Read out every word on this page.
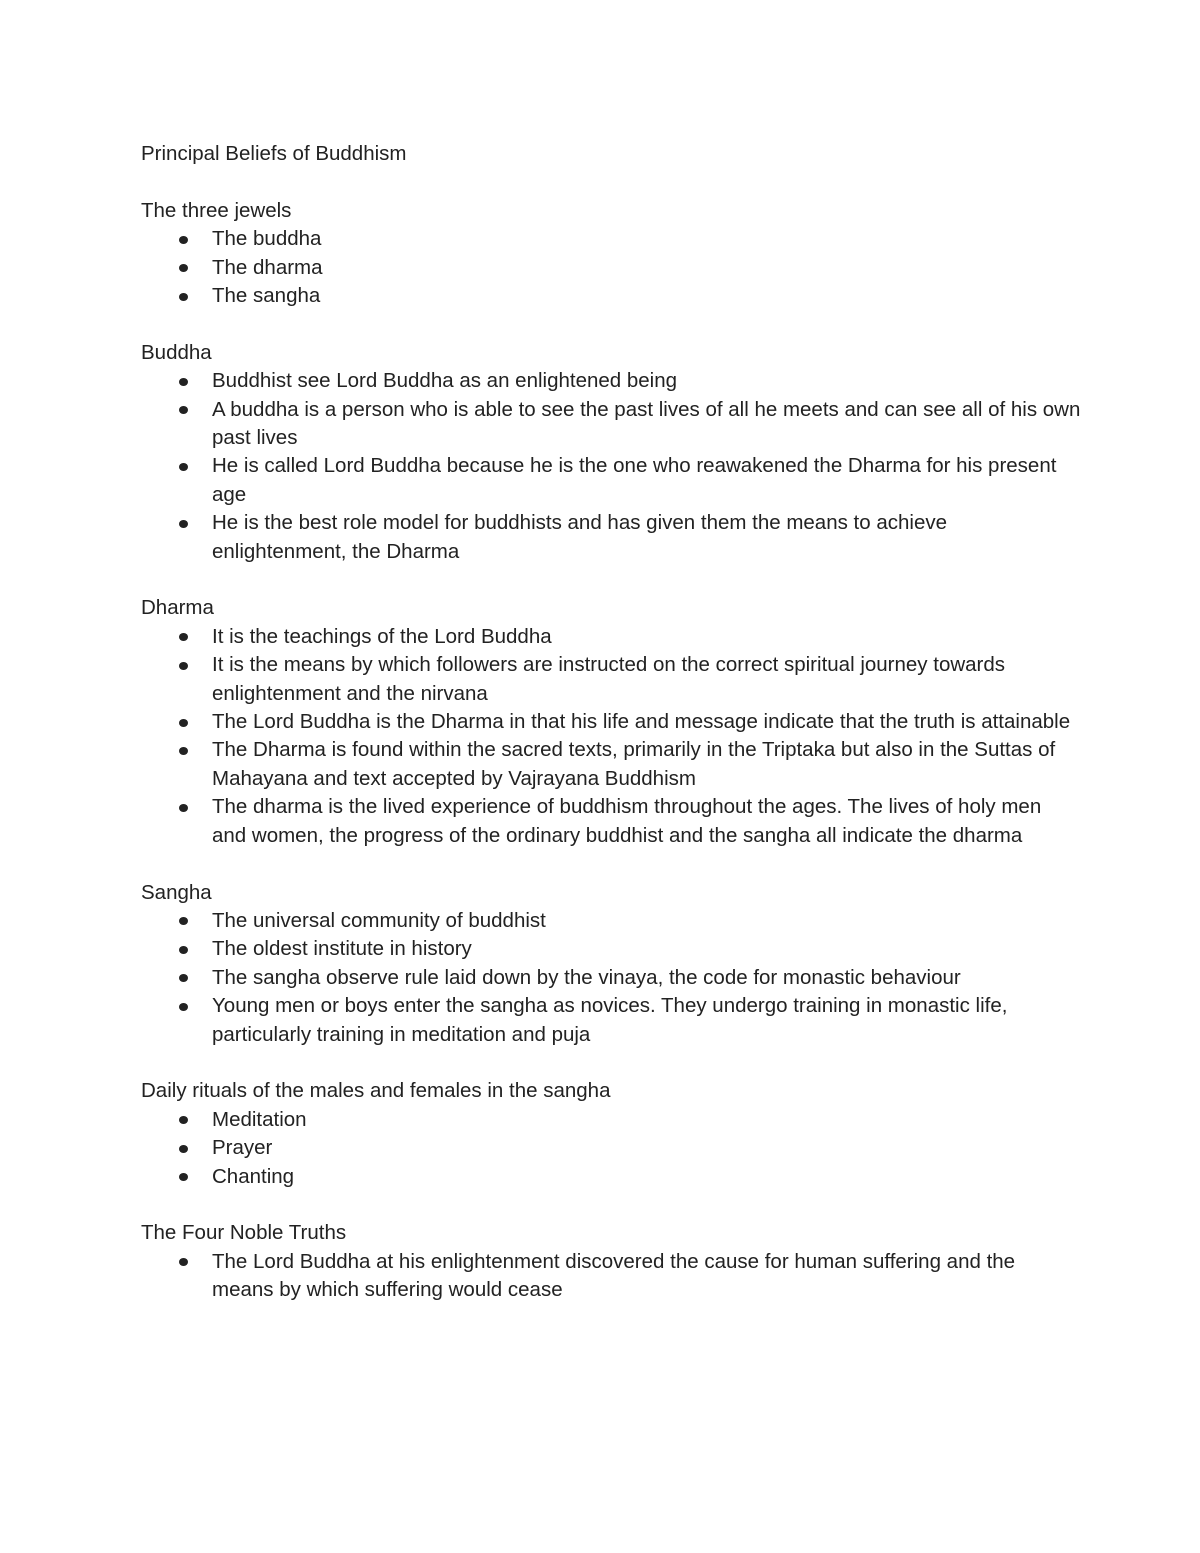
Principal Beliefs of Buddhism
The three jewels
The buddha
The dharma
The sangha
Buddha
Buddhist see Lord Buddha as an enlightened being
A buddha is a person who is able to see the past lives of all he meets and can see all of his own past lives
He is called Lord Buddha because he is the one who reawakened the Dharma for his present age
He is the best role model for buddhists and has given them the means to achieve enlightenment, the Dharma
Dharma
It is the teachings of the Lord Buddha
It is the means by which followers are instructed on the correct spiritual journey towards enlightenment and the nirvana
The Lord Buddha is the Dharma in that his life and message indicate that the truth is attainable
The Dharma is found within the sacred texts, primarily in the Triptaka but also in the Suttas of Mahayana and text accepted by Vajrayana Buddhism
The dharma is the lived experience of buddhism throughout the ages. The lives of holy men and women, the progress of the ordinary buddhist and the sangha all indicate the dharma
Sangha
The universal community of buddhist
The oldest institute in history
The sangha observe rule laid down by the vinaya, the code for monastic behaviour
Young men or boys enter the sangha as novices. They undergo training in monastic life, particularly training in meditation and puja
Daily rituals of the males and females in the sangha
Meditation
Prayer
Chanting
The Four Noble Truths
The Lord Buddha at his enlightenment discovered the cause for human suffering and the means by which suffering would cease
